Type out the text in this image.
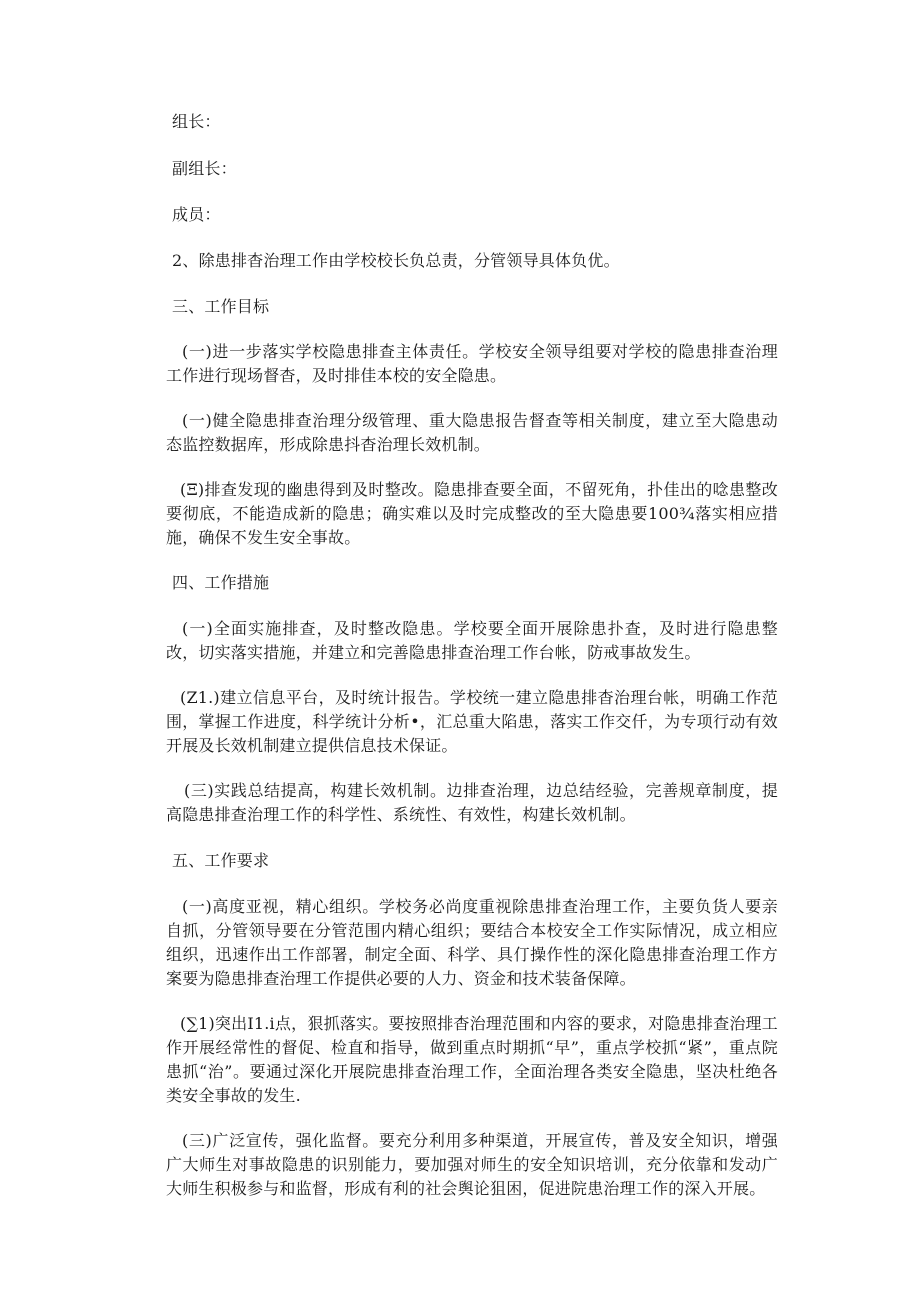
组长：
副组长：
成员：
2、除患排杳治理工作由学校校长负总责，分管领导具体负优。
三、工作目标
(一)进一步落实学校隐患排查主体责任。学校安全领导组要对学校的隐患排查治理工作进行现场督杳，及时排佳本校的安全隐患。
(一)健全隐患排查治理分级管理、重大隐患报告督查等相关制度，建立至大隐患动态监控数据库，形成除患抖杳治理长效机制。
(Ξ)排查发现的幽患得到及时整改。隐患排查要全面，不留死角，扑佳出的唸患整改要彻底，不能造成新的隐患；确实难以及时完成整改的至大隐患要100¾落实相应措施，确保不发生安全事故。
四、工作措施
(一)全面实施排查，及时整改隐患。学校要全面开展除患扑查，及时进行隐患整改，切实落实措施，并建立和完善隐患排查治理工作台帐，防戒事故发生。
(Z1.)建立信息平台，及时统计报告。学校统一建立隐患排杳治理台帐，明确工作范围，掌握工作进度，科学统计分析•，汇总重大陷患，落实工作交仟，为专项行动有效开展及长效机制建立提供信息技术保证。
(三)实践总结提高，构建长效机制。边排查治理，边总结经验，完善规章制度，提高隐患排查治理工作的科学性、系统性、有效性，构建长效机制。
五、工作要求
(一)高度亚视，精心组织。学校务必尚度重视除患排查治理工作，主要负货人要亲自抓，分管领导要在分管范围内精心组织；要结合本校安全工作实际情况，成立相应组织，迅速作出工作部署，制定全面、科学、具仃操作性的深化隐患排查治理工作方案要为隐患排查治理工作提供必要的人力、资金和技术装备保障。
(∑1)突出I1.i点，狠抓落实。要按照排杳治理范围和内容的要求，对隐患排查治理工作开展经常性的督促、检直和指导，做到重点时期抓“早”，重点学校抓“紧”，重点院患抓“治”。要通过深化开展院患排查治理工作，全面治理各类安全隐患，坚决杜绝各类安全事故的发生.
(三)广泛宣传，强化监督。要充分利用多种渠道，开展宣传，普及安全知识，增强广大师生对事故隐患的识别能力，要加强对师生的安全知识培训，充分依靠和发动广大师生积极参与和监督，形成有利的社会舆论狙困，促进院患治理工作的深入开展。
